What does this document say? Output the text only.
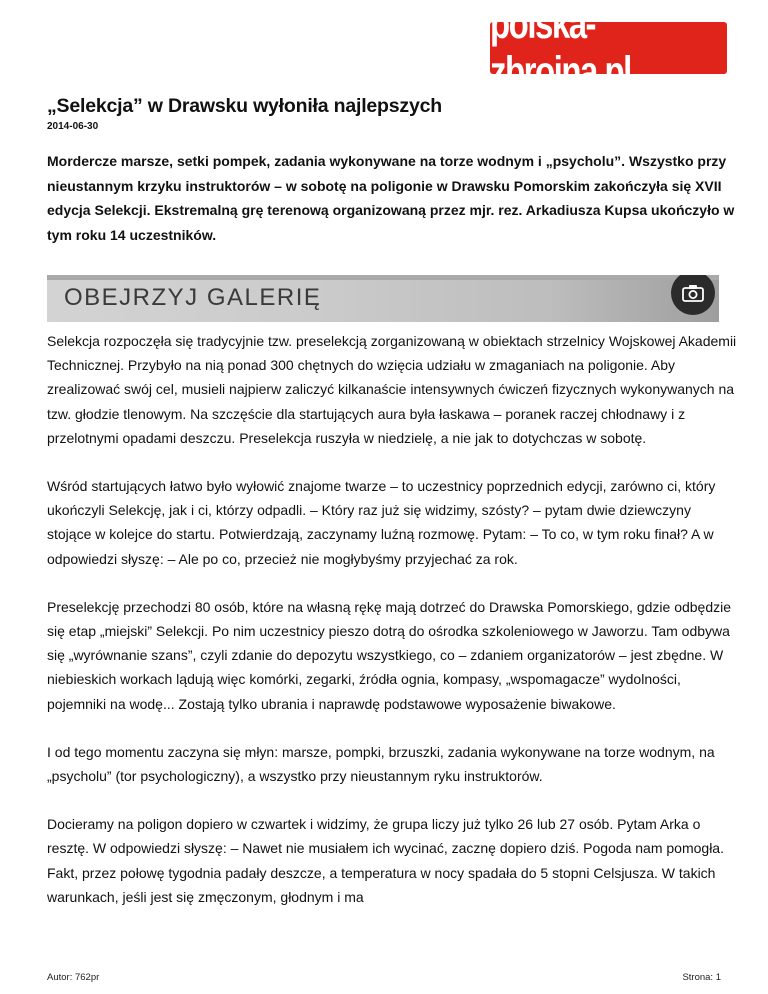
polska-zbrojna.pl
„Selekcja” w Drawsku wyłoniła najlepszych
2014-06-30

Mordercze marsze, setki pompek, zadania wykonywane na torze wodnym i „psycholu”. Wszystko przy nieustannym krzyku instruktorów – w sobotę na poligonie w Drawsku Pomorskim zakończyła się XVII edycja Selekcji. Ekstremalną grę terenową organizowaną przez mjr. rez. Arkadiusza Kupsa ukończyło w tym roku 14 uczestników.

OBEJRZYJ GALERIĘ

Selekcja rozpoczęła się tradycyjnie tzw. preselekcją zorganizowaną w obiektach strzelnicy Wojskowej Akademii Technicznej. Przybyło na nią ponad 300 chętnych do wzięcia udziału w zmaganiach na poligonie. Aby zrealizować swój cel, musieli najpierw zaliczyć kilkanaście intensywnych ćwiczeń fizycznych wykonywanych na tzw. głodzie tlenowym. Na szczęście dla startujących aura była łaskawa – poranek raczej chłodnawy i z przelotnymi opadami deszczu. Preselekcja ruszyła w niedzielę, a nie jak to dotychczas w sobotę.

Wśród startujących łatwo było wyłowić znajome twarze – to uczestnicy poprzednich edycji, zarówno ci, który ukończyli Selekcję, jak i ci, którzy odpadli. – Który raz już się widzimy, szósty? – pytam dwie dziewczyny stojące w kolejce do startu. Potwierdzają, zaczynamy luźną rozmowę. Pytam: – To co, w tym roku finał? A w odpowiedzi słyszę: – Ale po co, przecież nie mogłybyśmy przyjechać za rok.

Preselekcję przechodzi 80 osób, które na własną rękę mają dotrzeć do Drawska Pomorskiego, gdzie odbędzie się etap „miejski” Selekcji. Po nim uczestnicy pieszo dotrą do ośrodka szkoleniowego w Jaworzu. Tam odbywa się „wyrównanie szans”, czyli zdanie do depozytu wszystkiego, co – zdaniem organizatorów – jest zbędne. W niebieskich workach lądują więc komórki, zegarki, źródła ognia, kompasy, „wspomagacze” wydolności, pojemniki na wodę... Zostają tylko ubrania i naprawdę podstawowe wyposażenie biwakowe.

I od tego momentu zaczyna się młyn: marsze, pompki, brzuszki, zadania wykonywane na torze wodnym, na „psycholu” (tor psychologiczny), a wszystko przy nieustannym ryku instruktorów.

Docieramy na poligon dopiero w czwartek i widzimy, że grupa liczy już tylko 26 lub 27 osób. Pytam Arka o resztę. W odpowiedzi słyszę: – Nawet nie musiałem ich wycinać, zacznę dopiero dziś. Pogoda nam pomogła. Fakt, przez połowę tygodnia padały deszcze, a temperatura w nocy spadała do 5 stopni Celsjusza. W takich warunkach, jeśli jest się zmęczonym, głodnym i ma

Autor: 762pr	Strona: 1
